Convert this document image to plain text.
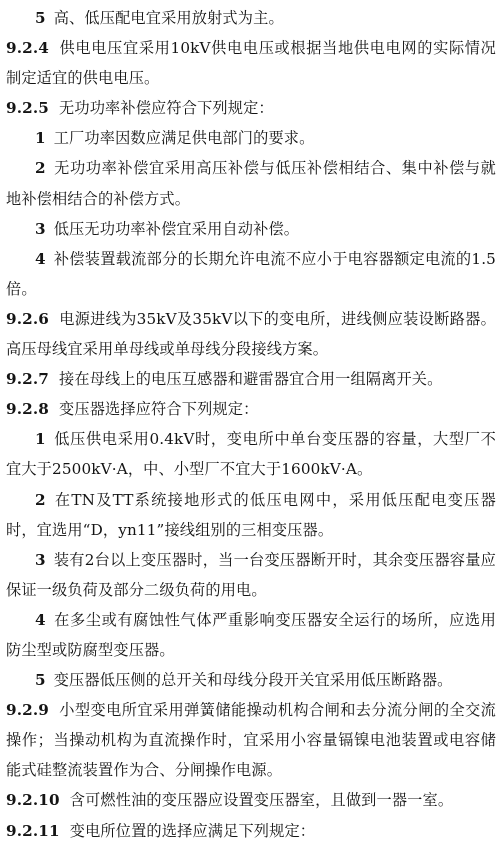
5 高、低压配电宜采用放射式为主。

9.2.4 供电电压宜采用10kV供电电压或根据当地供电电网的实际情况制定适宜的供电电压。

9.2.5 无功功率补偿应符合下列规定：

1 工厂功率因数应满足供电部门的要求。

2 无功功率补偿宜采用高压补偿与低压补偿相结合、集中补偿与就地补偿相结合的补偿方式。

3 低压无功功率补偿宜采用自动补偿。

4 补偿装置载流部分的长期允许电流不应小于电容器额定电流的1.5倍。

9.2.6 电源进线为35kV及35kV以下的变电所，进线侧应装设断路器。高压母线宜采用单母线或单母线分段接线方案。

9.2.7 接在母线上的电压互感器和避雷器宜合用一组隔离开关。

9.2.8 变压器选择应符合下列规定：

1 低压供电采用0.4kV时，变电所中单台变压器的容量，大型厂不宜大于2500kV·A，中、小型厂不宜大于1600kV·A。

2 在TN及TT系统接地形式的低压电网中，采用低压配电变压器时，宜选用“D，yn11”接线组别的三相变压器。

3 装有2台以上变压器时，当一台变压器断开时，其余变压器容量应保证一级负荷及部分二级负荷的用电。

4 在多尘或有腐蚀性气体严重影响变压器安全运行的场所，应选用防尘型或防腐型变压器。

5 变压器低压侧的总开关和母线分段开关宜采用低压断路器。

9.2.9 小型变电所宜采用弹簧储能操动机构合闸和去分流分闸的全交流操作；当操动机构为直流操作时，宜采用小容量镉镍电池装置或电容储能式硅整流装置作为合、分闸操作电源。

9.2.10 含可燃性油的变压器应设置变压器室，且做到一器一室。

9.2.11 变电所位置的选择应满足下列规定：
